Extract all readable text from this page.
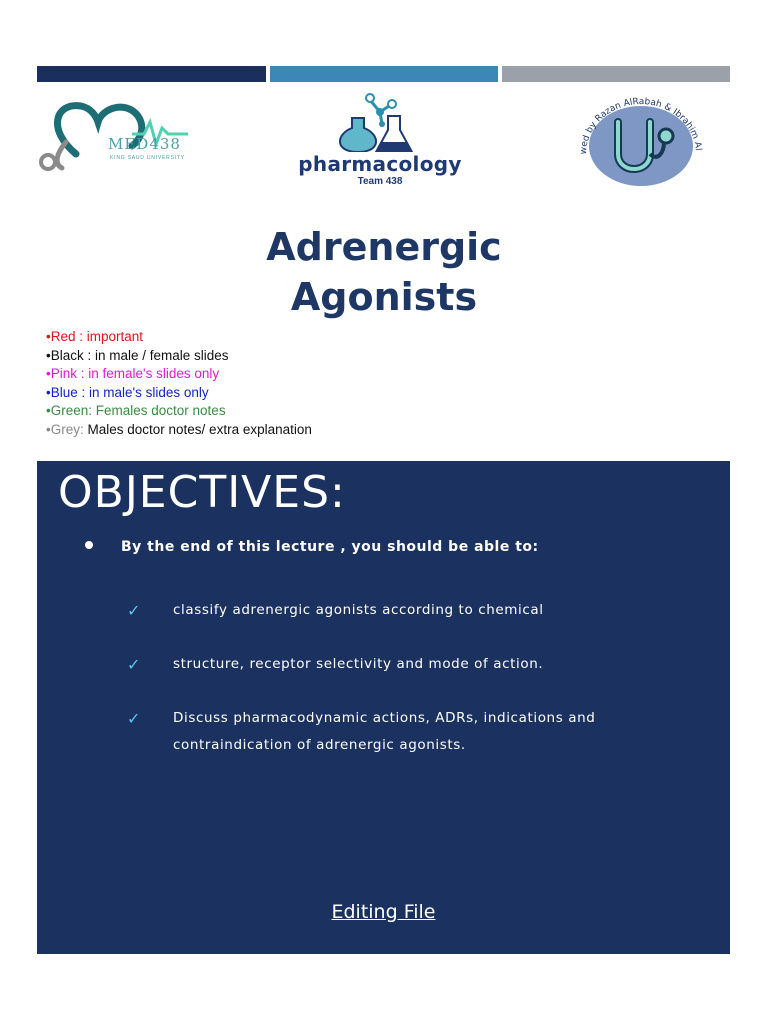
MED438
KING SAUD UNIVERSITY	pharmacology
Team 438
wed by Razan AlRabah & Ibrahim Al
Adrenergic
Agonists
•Red : important
•Black : in male / female slides
•Pink : in female's slides only
•Blue : in male's slides only
•Green: Females doctor notes
•Grey: Males doctor notes/ extra explanation
OBJECTIVES:
By the end of this lecture , you should be able to:
✓ classify adrenergic agonists according to chemical
✓ structure, receptor selectivity and mode of action.
✓ Discuss pharmacodynamic actions, ADRs, indications and contraindication of adrenergic agonists.
Editing File
